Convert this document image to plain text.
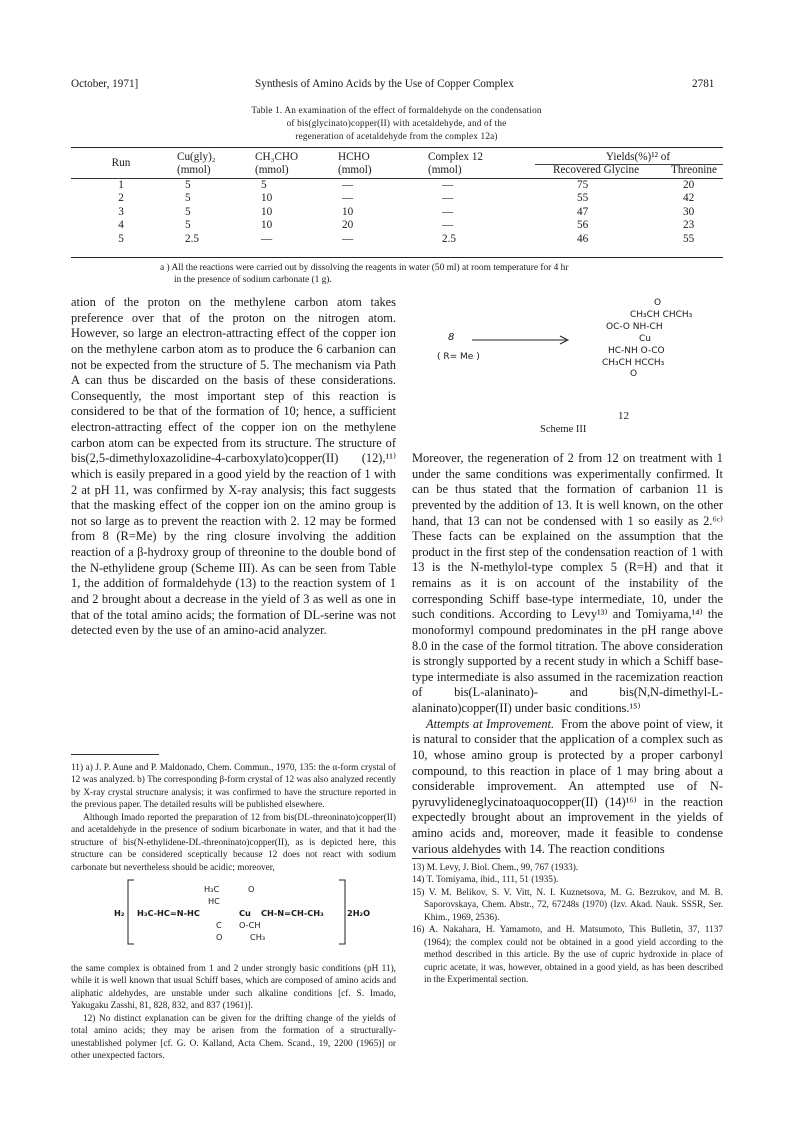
October, 1971]	Synthesis of Amino Acids by the Use of Copper Complex	2781
Table 1. An examination of the effect of formaldehyde on the condensation
of bis(glycinato)copper(II) with acetaldehyde, and of the
regeneration of acetaldehyde from the complex 12a)
Run	Cu(gly)₂	CH₃CHO	HCHO	Complex 12	Yields(%)¹² of	
	(mmol)	(mmol)	(mmol)	(mmol)	Recovered Glycine	Threonine
1	5	5	—	—	75	20
2	5	10	—	—	55	42
3	5	10	10	—	47	30
4	5	10	20	—	56	23
5	2.5	—	—	2.5	46	55
a ) All the reactions were carried out by dissolving the reagents in water (50 ml) at room temperature for 4 hr
in the presence of sodium carbonate (1 g).

ation of the proton on the methylene carbon atom takes preference over that of the proton on the nitrogen atom. However, so large an electron-attracting effect of the copper ion on the methylene carbon atom as to produce the 6 carbanion can not be expected from the structure of 5. The mechanism via Path A can thus be discarded on the basis of these considerations. Consequently, the most important step of this reaction is considered to be that of the formation of 10; hence, a sufficient electron-attracting effect of the copper ion on the methylene carbon atom can be expected from its structure. The structure of bis(2,5-dimethyloxazolidine-4-carboxylato)copper(II) (12),¹¹⁾ which is easily prepared in a good yield by the reaction of 1 with 2 at pH 11, was confirmed by X-ray analysis; this fact suggests that the masking effect of the copper ion on the amino group is not so large as to prevent the reaction with 2. 12 may be formed from 8 (R=Me) by the ring closure involving the addition reaction of a β-hydroxy group of threonine to the double bond of the N-ethylidene group (Scheme III). As can be seen from Table 1, the addition of formaldehyde (13) to the reaction system of 1 and 2 brought about a decrease in the yield of 3 as well as one in that of the total amino acids; the formation of DL-serine was not detected even by the use of an amino-acid analyzer.

11) a) J. P. Aune and P. Maldonado, Chem. Commun., 1970, 135: the α-form crystal of 12 was analyzed. b) The corresponding β-form crystal of 12 was also analyzed recently by X-ray crystal structure analysis; it was confirmed to have the structure reported in the previous paper. The detailed results will be published elsewhere.

Although Imado reported the preparation of 12 from bis(DL-threoninato)copper(II) and acetaldehyde in the presence of sodium bicarbonate in water, and that it had the structure of bis(N-ethylidene-DL-threoninato)copper(II), as is depicted here, this structure can be considered sceptically because 12 does not react with sodium carbonate but nevertheless should be acidic; moreover,

H₂
H₃C	O
H₃C-HC=N-HC
HC
Cu CH-N=CH-CH₃
C O-CH
O	CH₃
2H₂O

the same complex is obtained from 1 and 2 under strongly basic conditions (pH 11), while it is well known that usual Schiff bases, which are composed of amino acids and aliphatic aldehydes, are unstable under such alkaline conditions [cf. S. Imado, Yakugaku Zasshi, 81, 828, 832, and 837 (1961)].

12) No distinct explanation can be given for the drifting change of the yields of total amino acids; they may be arisen from the formation of a structurally-unestablished polymer [cf. G. O. Kalland, Acta Chem. Scand., 19, 2200 (1965)] or other unexpected factors.

8
( R= Me )
O
CH₃CH CHCH₃
OC-O NH-CH
Cu
HC-NH O-CO
CH₃CH HCCH₃
O
12
Scheme III

Moreover, the regeneration of 2 from 12 on treatment with 1 under the same conditions was experimentally confirmed. It can be thus stated that the formation of carbanion 11 is prevented by the addition of 13. It is well known, on the other hand, that 13 can not be condensed with 1 so easily as 2.⁶ᶜ⁾ These facts can be explained on the assumption that the product in the first step of the condensation reaction of 1 with 13 is the N-methylol-type complex 5 (R=H) and that it remains as it is on account of the instability of the corresponding Schiff base-type intermediate, 10, under the such conditions. According to Levy¹³⁾ and Tomiyama,¹⁴⁾ the monoformyl compound predominates in the pH range above 8.0 in the case of the formol titration. The above consideration is strongly supported by a recent study in which a Schiff base-type intermediate is also assumed in the racemization reaction of bis(L-alaninato)- and bis(N,N-dimethyl-L-alaninato)copper(II) under basic conditions.¹⁵⁾

Attempts at Improvement. From the above point of view, it is natural to consider that the application of a complex such as 10, whose amino group is protected by a proper carbonyl compound, to this reaction in place of 1 may bring about a considerable improvement. An attempted use of N-pyruvylideneglycinatoaquocopper(II) (14)¹⁶⁾ in the reaction expectedly brought about an improvement in the yields of amino acids and, moreover, made it feasible to condense various aldehydes with 14. The reaction conditions

13) M. Levy, J. Biol. Chem., 99, 767 (1933).

14) T. Tomiyama, ibid., 111, 51 (1935).

15) V. M. Belikov, S. V. Vitt, N. I. Kuznetsova, M. G. Bezrukov, and M. B. Saporovskaya, Chem. Abstr., 72, 67248s (1970) (Izv. Akad. Nauk. SSSR, Ser. Khim., 1969, 2536).

16) A. Nakahara, H. Yamamoto, and H. Matsumoto, This Bulletin, 37, 1137 (1964); the complex could not be obtained in a good yield according to the method described in this article. By the use of cupric hydroxide in place of cupric acetate, it was, however, obtained in a good yield, as has been described in the Experimental section.
